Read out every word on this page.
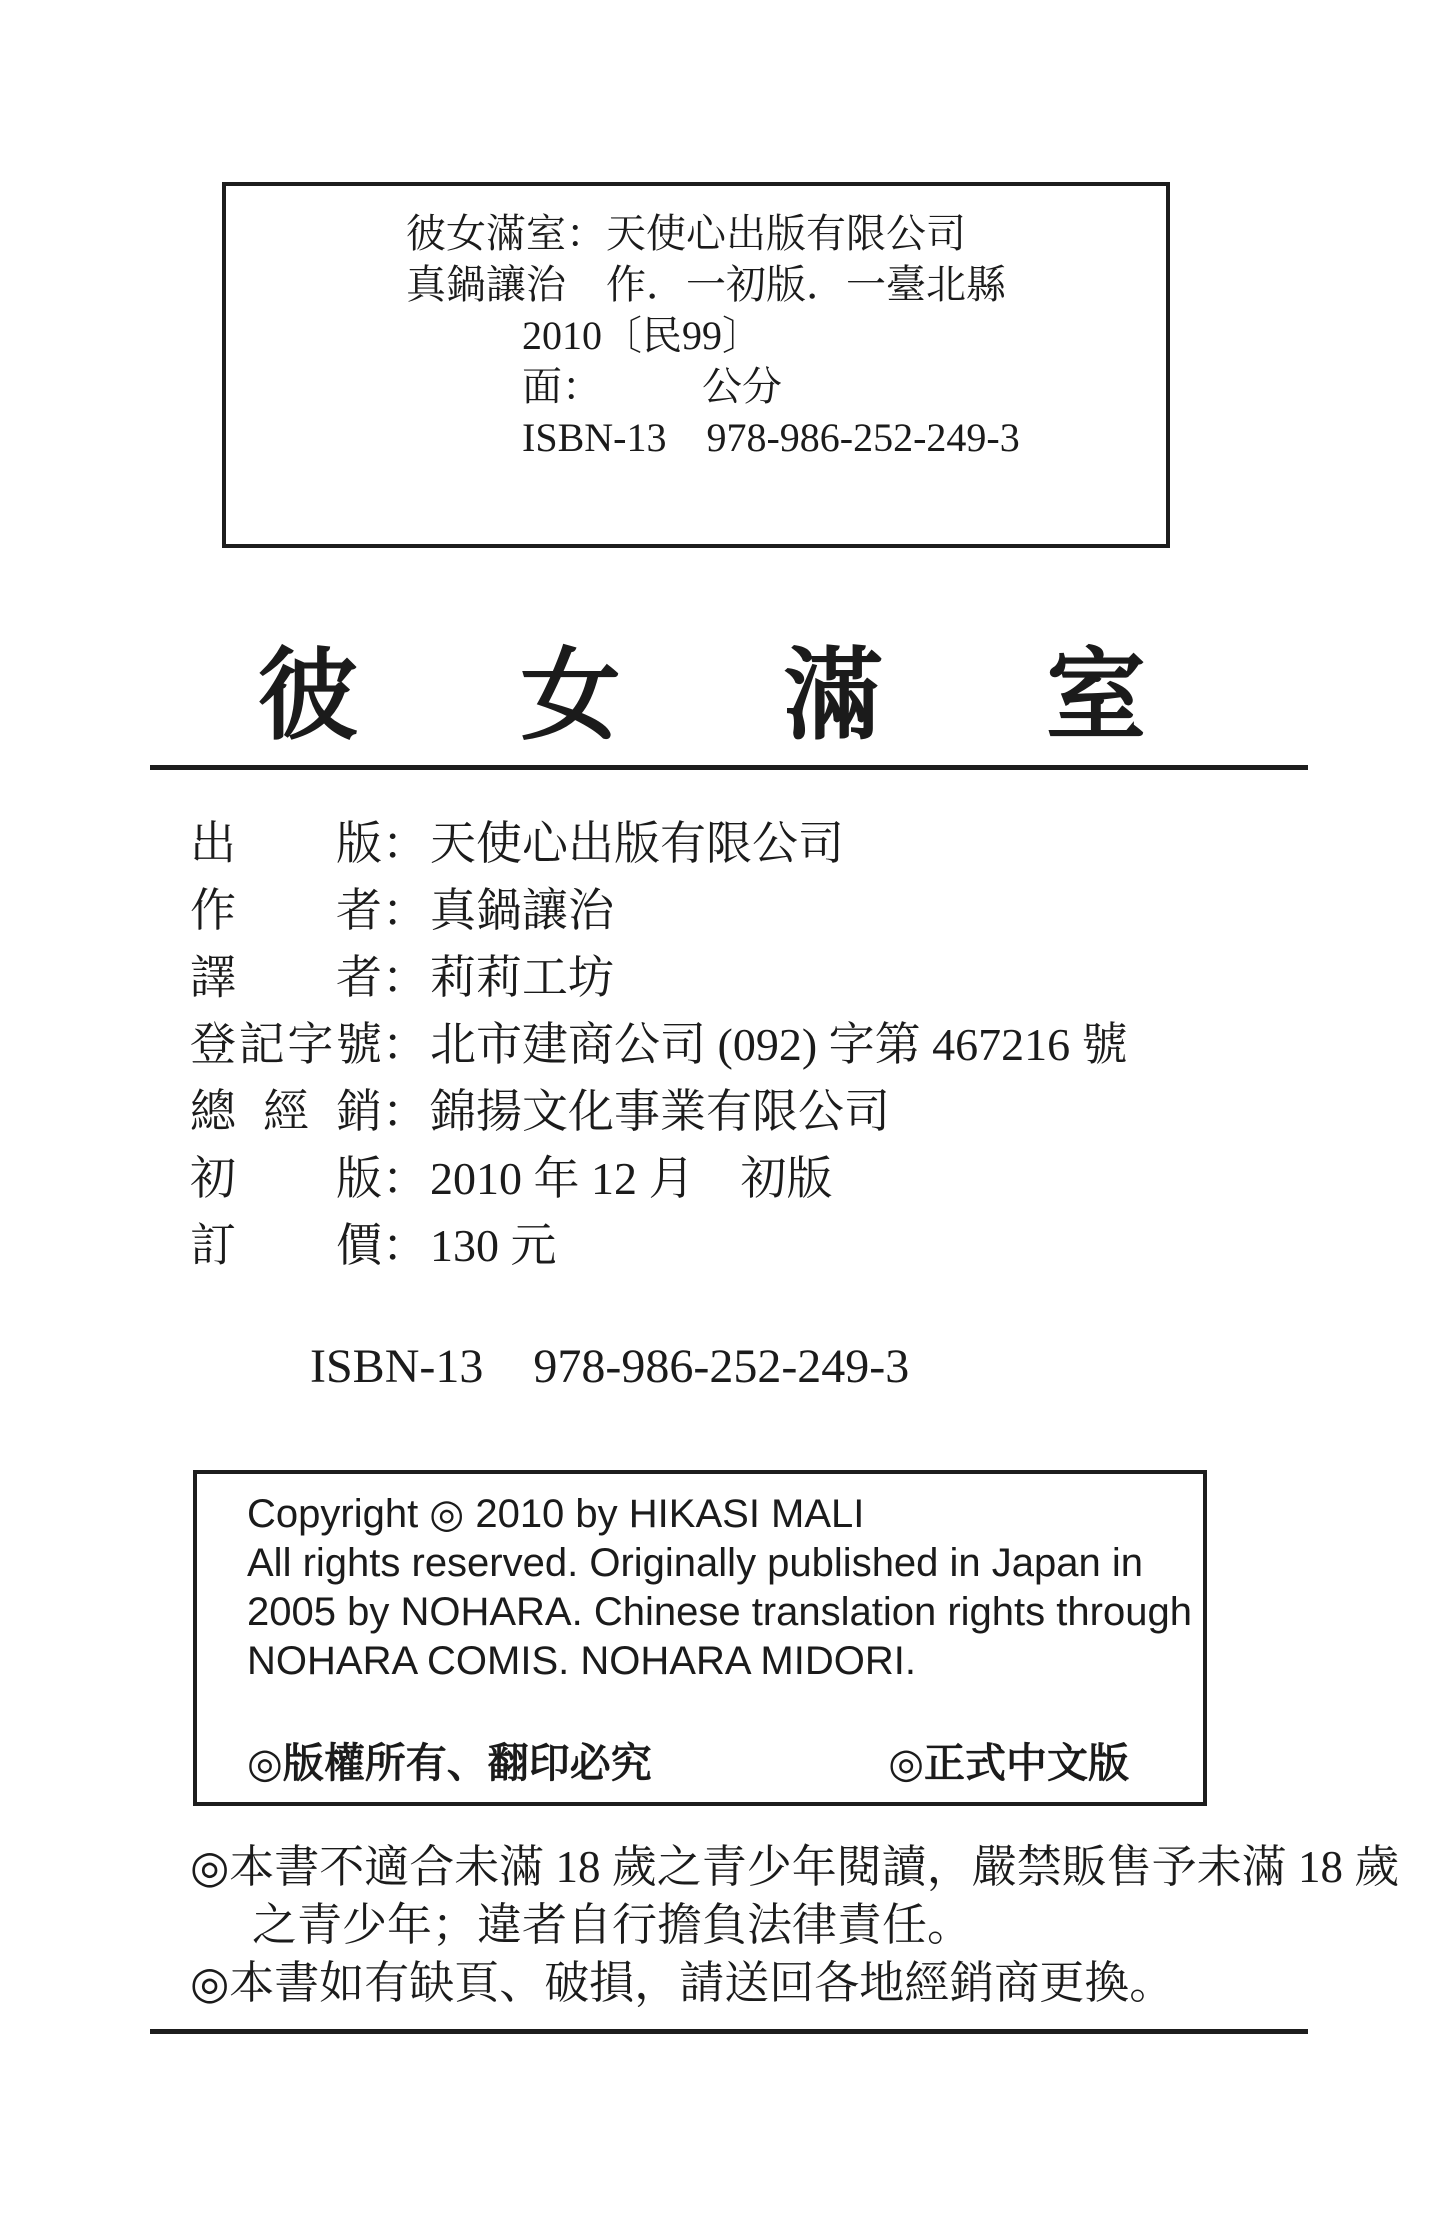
彼女滿室：天使心出版有限公司
真鍋讓治　作．一初版．一臺北縣
2010〔民99〕
面：　　　公分
ISBN-13　978-986-252-249-3
彼 女 滿 室
出版 ： 天使心出版有限公司
作者 ： 真鍋讓治
譯者 ： 莉莉工坊
登記字號 ： 北市建商公司 (092) 字第 467216 號
總經銷 ： 錦揚文化事業有限公司
初版 ： 2010 年 12 月　初版
訂價 ： 130 元
ISBN-13 978-986-252-249-3
Copyright ◎ 2010 by HIKASI MALI
All rights reserved. Originally published in Japan in
2005 by NOHARA. Chinese translation rights through
NOHARA COMIS. NOHARA MIDORI.
◎版權所有、翻印必究	◎正式中文版
◎本書不適合未滿 18 歲之青少年閱讀，嚴禁販售予未滿 18 歲
之青少年；違者自行擔負法律責任。
◎本書如有缺頁、破損，請送回各地經銷商更換。
